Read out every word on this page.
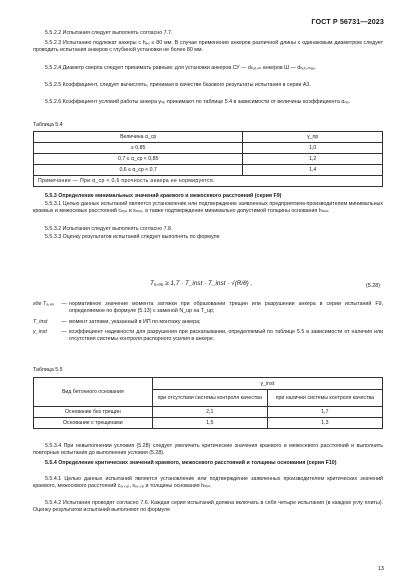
ГОСТ Р 56731—2023

5.5.2.2 Испытания следует выполнять согласно 7.7.

5.5.2.3 Испытанию подлежат анкеры с hₑₒ ≤ 80 мм. В случае применения анкеров различной длины с одинаковым диаметром следует проводить испытания анкеров с глубиной установки не более 80 мм.

5.5.2.4 Диаметр сверла следует принимать равным: для установки анкеров СУ — dₕᵤₜ,ₘ анкеров Ш — dₕᵤₜ,ₘₐₓ.

5.5.2.5 Коэффициент, следует вычислять, принимая в качестве базового результаты испытания в серии A3.

5.5.2.6 Коэффициент условий работы анкера γₙₚ принимают по таблице 5.4 в зависимости от величины коэффициента αₙₚ.

Таблица 5.4
Величина α_cp	γ_np
≥ 0,85	1,0
0,7 ≤ α_cp < 0,85	1,2
0,6 ≤ α_cp < 0,7	1,4
Примечание — При α_cp < 0,6 прочность анкера не нормируется.	

5.5.3 Определение минимальных значений краевого и межосевого расстояний (серия F9)

5.5.3.1 Целью данных испытаний является установление или подтверждение заявленных предприятием-производителем минимальных краевых и межосевых расстояний cₘᵢₙ и sₘᵢₙ, а также подтверждение минимально допустимой толщины основания hₘᵢₙ.

5.5.3.2 Испытания следует выполнять согласно 7.8.

5.5.3.3 Оценку результатов испытаний следует выполнять по формуле

T₅,₉₅ ≥ 1,7 · T_inst · T_inst · √(R/θ) ,	(5.28)
где T₅,₉₅	— нормативное значение момента затяжки при образовании трещин или разрушении анкера в серии испытаний F9, определяемое по формуле (5.13) с заменой N_up на T_up;
T_inst	— момент затяжки, указанный в ИП по монтажу анкера;
γ_inst	— коэффициент надежности для разрушения при раскалывании, определяемый по таблице 5.5 в зависимости от наличия или отсутствия системы контроля распорного усилия в анкере.
Таблица 5.5
Вид бетонного основания	γ_inst	
	при отсутствии системы контроля качества	при наличии системы контроля качества
Основание без трещин	2,1	1,7
Основание с трещинами	1,5	1,3

5.5.3.4 При невыполнении условия (5.28) следует увеличить критические значения краевого и межосевого расстояний и выполнить повторные испытания до выполнения условия (5.28).

5.5.4 Определение критических значений краевого, межосевого расстояний и толщины основания (серия F10)

5.5.4.1 Целью данных испытаний является установление или подтверждение заявленных производителем критических значений краевого, межосевого расстояний cₒᵣ,ₛₚ, sₒᵣ,ₛₚ и толщины основания hₘᵢₙ.

5.5.4.2 Испытания проводят согласно 7.6. Каждая серия испытаний должна включать в себя четыре испытания (в каждом углу плиты). Оценку результатов испытаний выполняют по формуле

13
